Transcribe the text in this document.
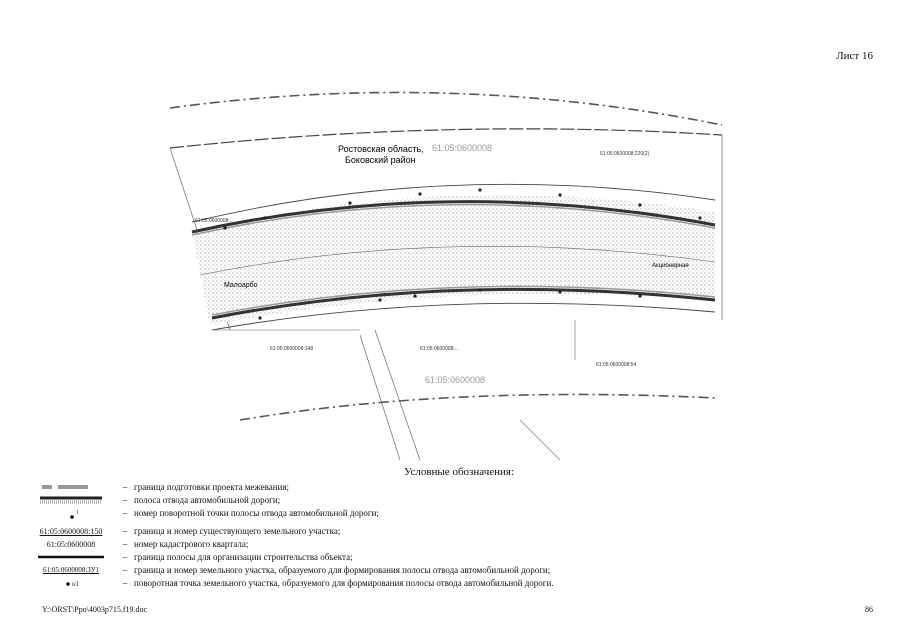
Лист 16
Ростовская область,
Боковский район
61:05:0600008
61:05:0600008
Малоарбо
Акционерная
61:05:0600008:220(2)
61:05:0600008:148	61:05:0600008:...
61:05:0600008:54
61:05:0600008:...
Условные обозначения:
– граница подготовки проекта межевания;
– полоса отвода автомобильной дороги;
1	– номер поворотной точки полосы отвода автомобильной дороги;
61:05:0600008:150	– граница и номер существующего земельного участка;
61:05:0600008	– номер кадастрового квартала;
– граница полосы для организации строительства объекта;
61:05:0600008:ЗУ1	– граница и номер земельного участка, образуемого для формирования полосы отвода автомобильной дороги;
н1	– поворотная точка земельного участка, образуемого для формирования полосы отвода автомобильной дороги.
Y:\ORST\Ppo\4003p715.f19.doc	86
